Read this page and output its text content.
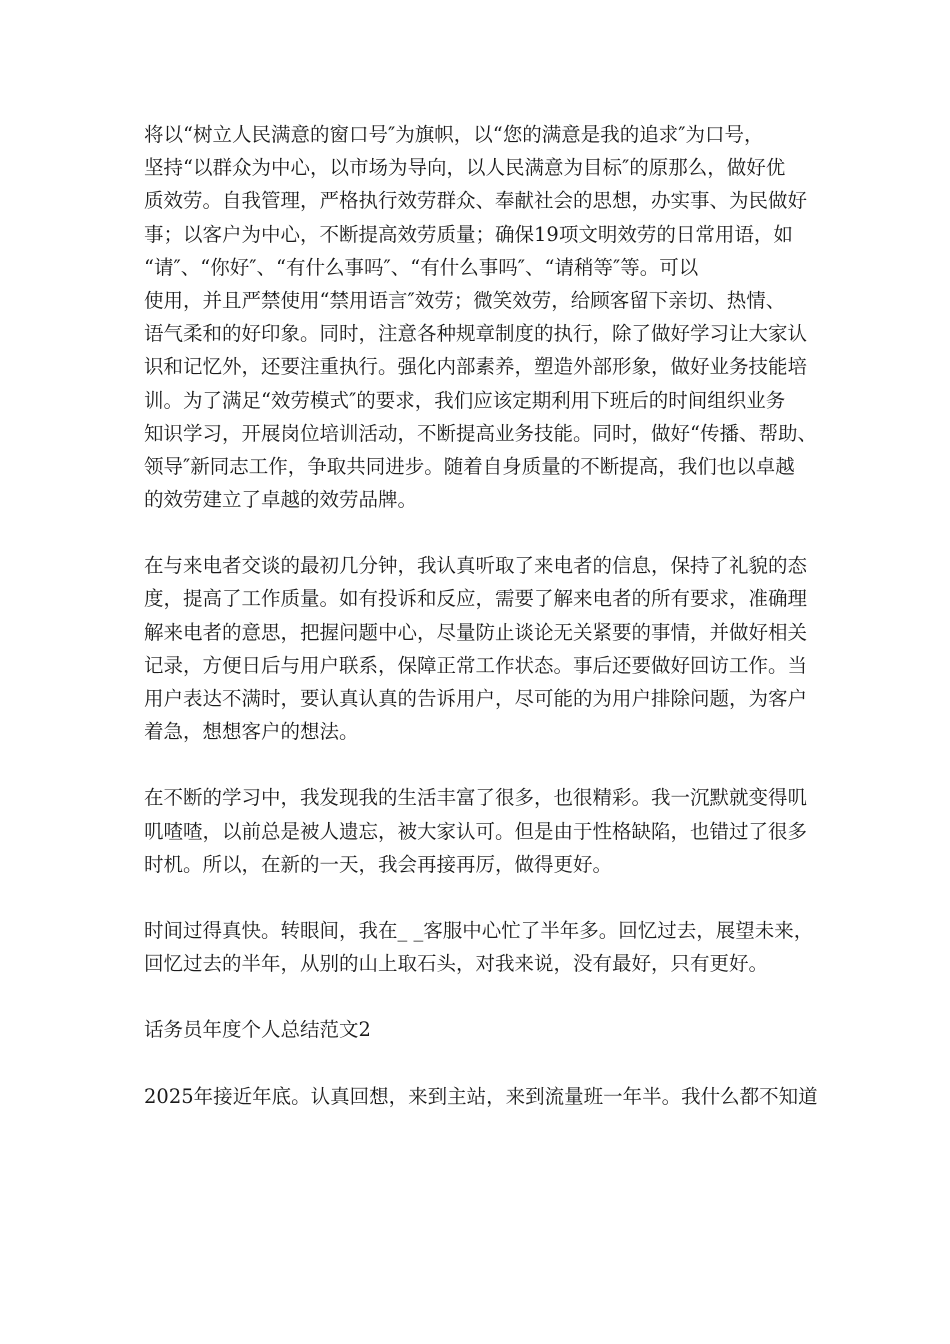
将以“树立人民满意的窗口号″为旗帜，以“您的满意是我的追求″为口号，
坚持“以群众为中心，以市场为导向，以人民满意为目标″的原那么，做好优
质效劳。自我管理，严格执行效劳群众、奉献社会的思想，办实事、为民做好
事；以客户为中心，不断提高效劳质量；确保19项文明效劳的日常用语，如
“请″、“你好″、“有什么事吗″、“有什么事吗″、“请稍等″等。可以
使用，并且严禁使用“禁用语言″效劳；微笑效劳，给顾客留下亲切、热情、
语气柔和的好印象。同时，注意各种规章制度的执行，除了做好学习让大家认
识和记忆外，还要注重执行。强化内部素养，塑造外部形象，做好业务技能培
训。为了满足“效劳模式″的要求，我们应该定期利用下班后的时间组织业务
知识学习，开展岗位培训活动，不断提高业务技能。同时，做好“传播、帮助、
领导″新同志工作，争取共同进步。随着自身质量的不断提高，我们也以卓越
的效劳建立了卓越的效劳品牌。
在与来电者交谈的最初几分钟，我认真听取了来电者的信息，保持了礼貌的态
度，提高了工作质量。如有投诉和反应，需要了解来电者的所有要求，准确理
解来电者的意思，把握问题中心，尽量防止谈论无关紧要的事情，并做好相关
记录，方便日后与用户联系，保障正常工作状态。事后还要做好回访工作。当
用户表达不满时，要认真认真的告诉用户，尽可能的为用户排除问题，为客户
着急，想想客户的想法。
在不断的学习中，我发现我的生活丰富了很多，也很精彩。我一沉默就变得叽
叽喳喳，以前总是被人遗忘，被大家认可。但是由于性格缺陷，也错过了很多
时机。所以，在新的一天，我会再接再厉，做得更好。
时间过得真快。转眼间，我在_ _客服中心忙了半年多。回忆过去，展望未来，
回忆过去的半年，从别的山上取石头，对我来说，没有最好，只有更好。
话务员年度个人总结范文2
2025年接近年底。认真回想，来到主站，来到流量班一年半。我什么都不知道
